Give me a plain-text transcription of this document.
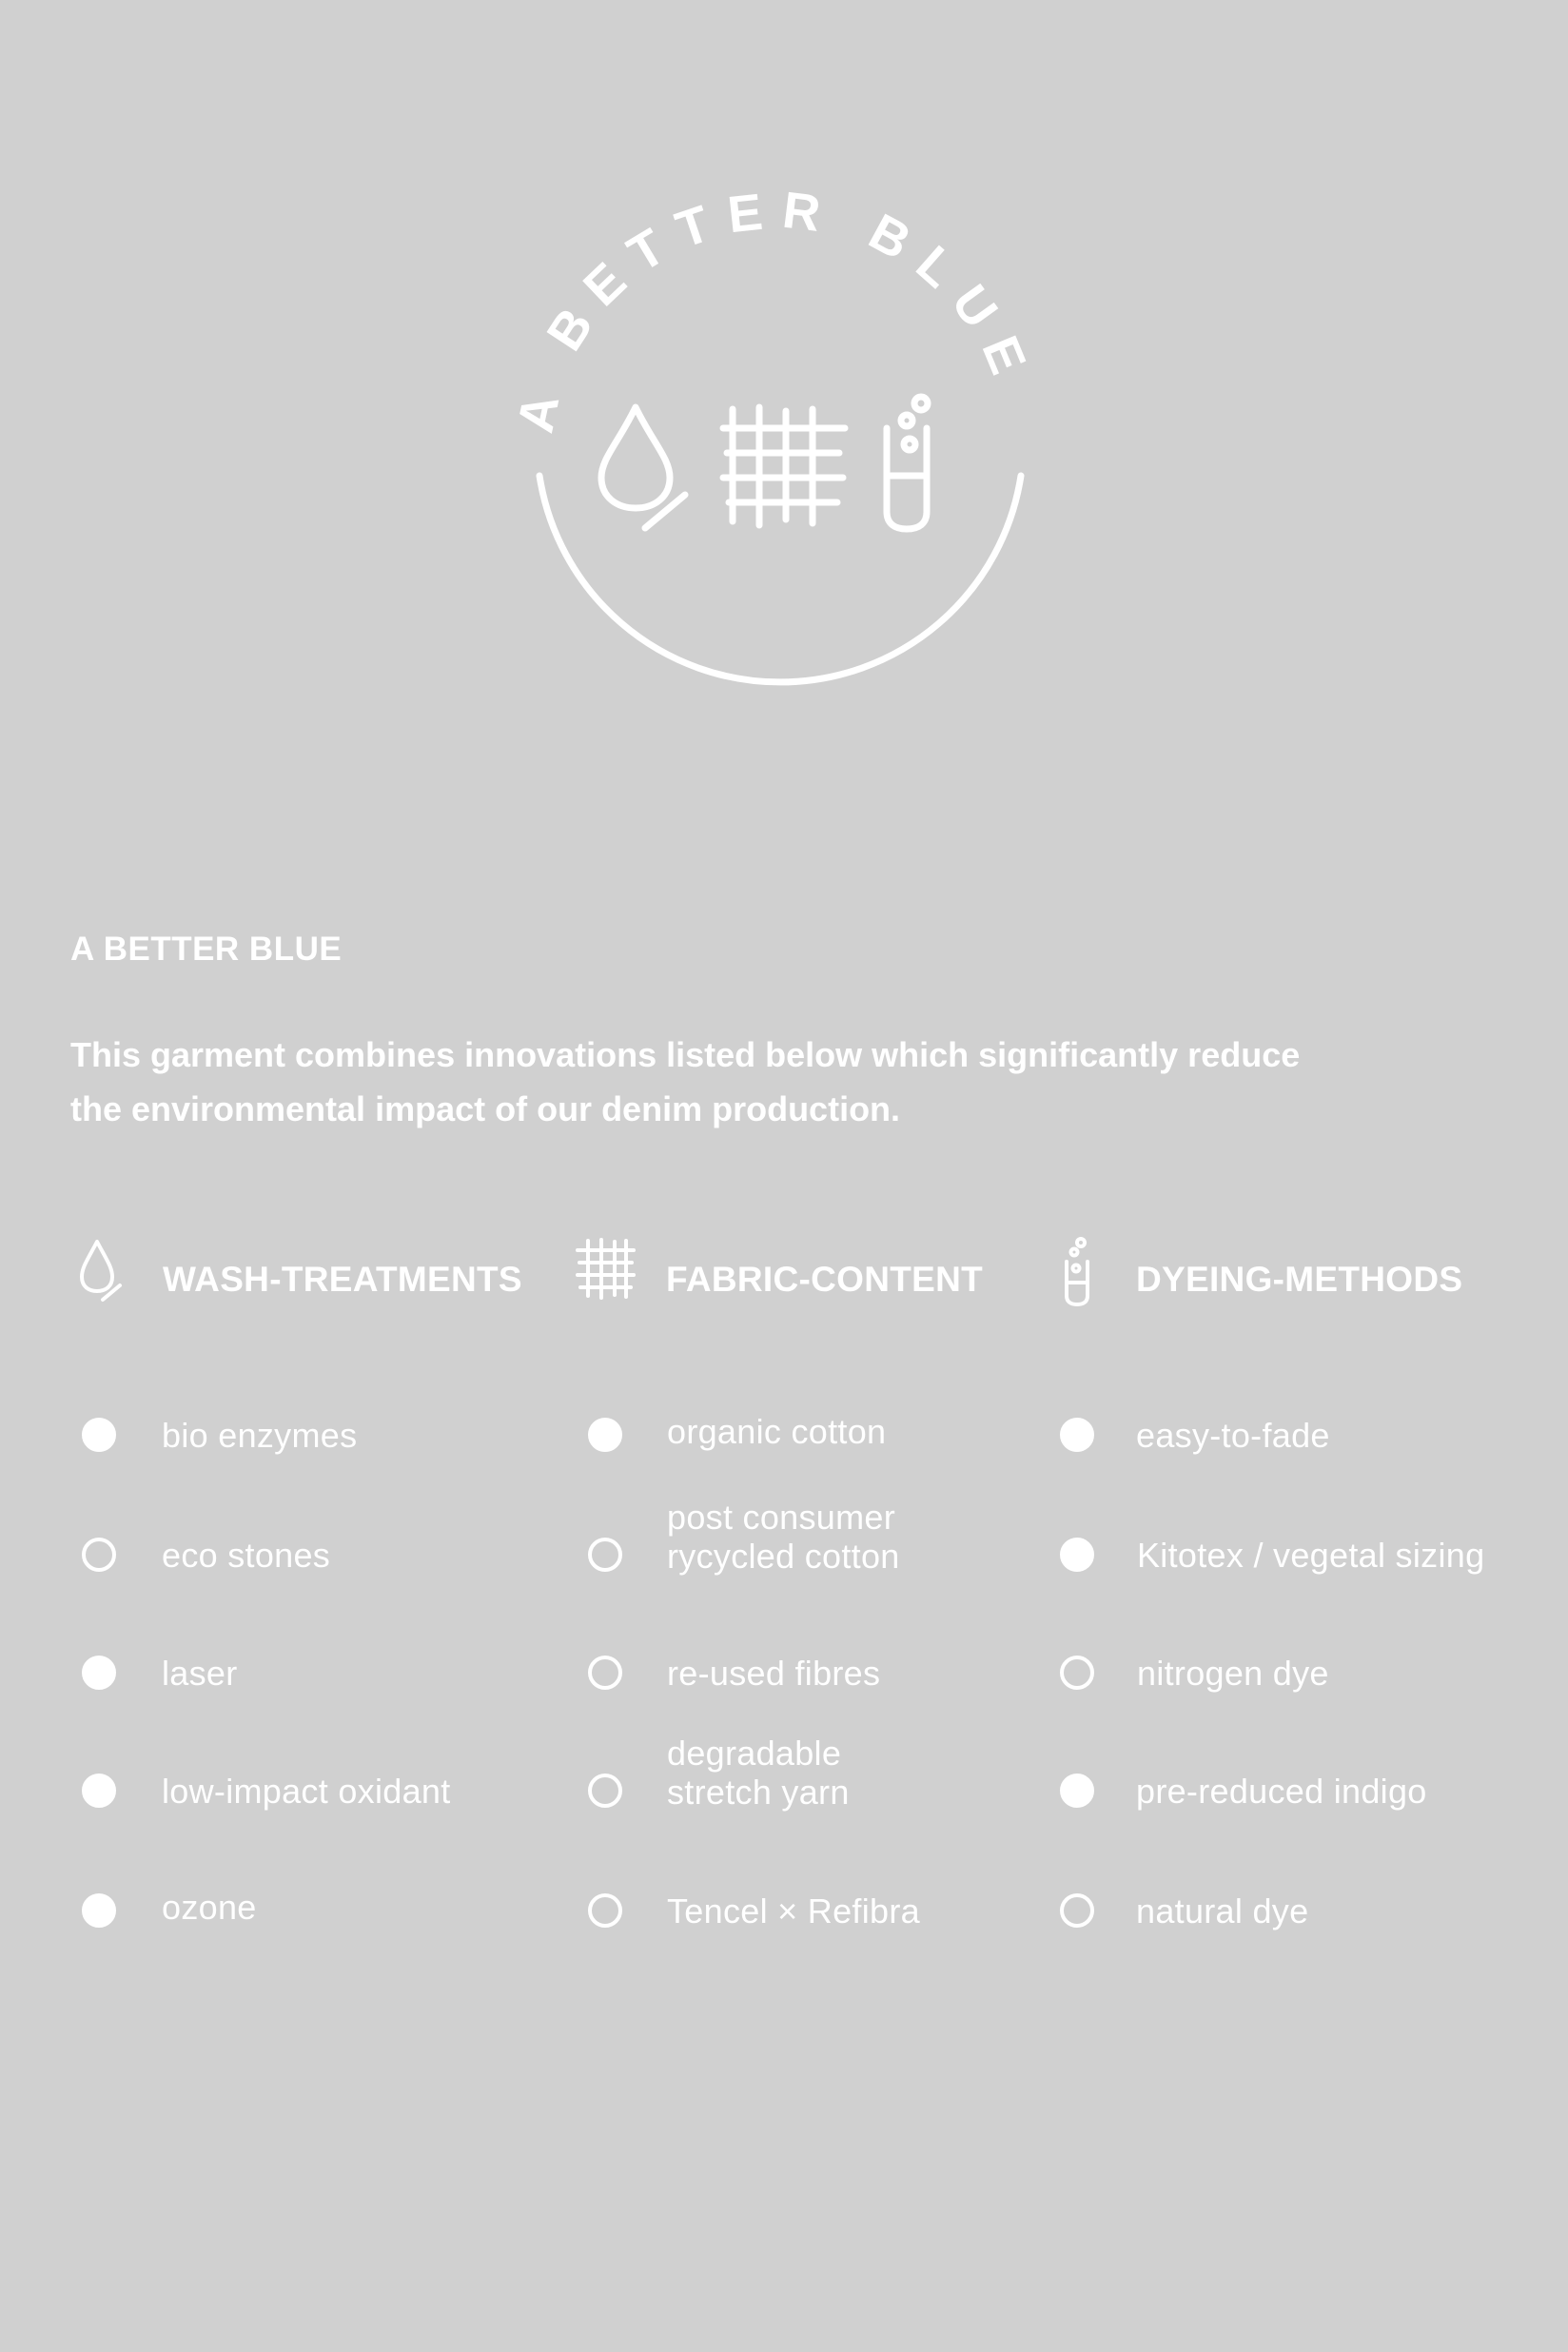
A BETTER BLUE
A BETTER BLUE

This garment combines innovations listed below which significantly reduce
the environmental impact of our denim production.

WASH-TREATMENTS
bio enzymes
eco stones
laser
low-impact oxidant
ozone
FABRIC-CONTENT
organic cotton
post consumer
rycycled cotton
re-used fibres
degradable
stretch yarn
Tencel × Refibra
DYEING-METHODS
easy-to-fade
Kitotex / vegetal sizing
nitrogen dye
pre-reduced indigo
natural dye
